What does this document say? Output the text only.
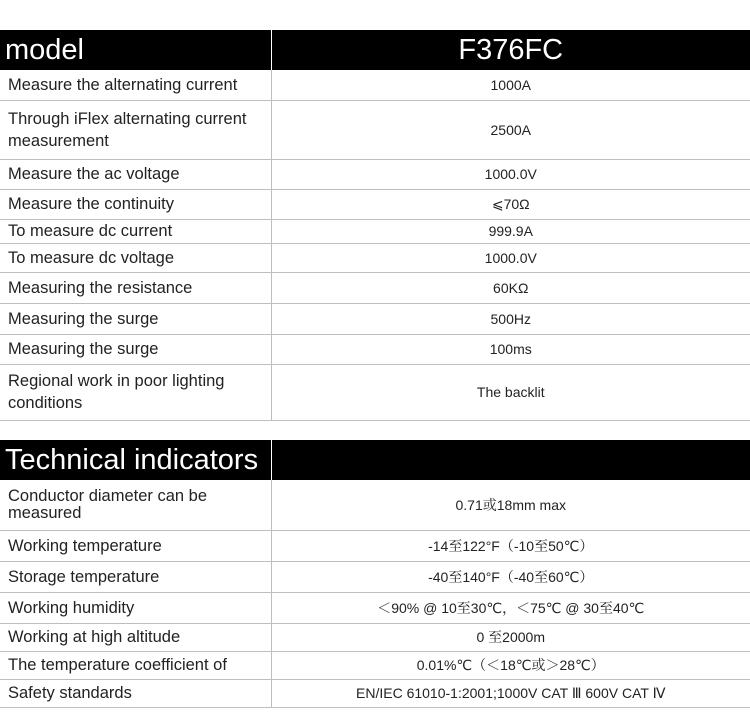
model	F376FC
Measure the alternating current	1000A
Through iFlex alternating current measurement	2500A
Measure the ac voltage	1000.0V
Measure the continuity	⩽70Ω
To measure dc current	999.9A
To measure dc voltage	1000.0V
Measuring the resistance	60KΩ
Measuring the surge	500Hz
Measuring the surge	100ms
Regional work in poor lighting conditions	The backlit
Technical indicators	
Conductor diameter can be measured	0.71或18mm max
Working temperature	-14至122°F（-10至50℃）
Storage temperature	-40至140°F（-40至60℃）
Working humidity	＜90% @ 10至30℃，＜75℃ @ 30至40℃
Working at high altitude	0 至2000m
The temperature coefficient of	0.01%℃（＜18℃或＞28℃）
Safety standards	EN/IEC 61010-1:2001;1000V CAT Ⅲ 600V CAT Ⅳ
